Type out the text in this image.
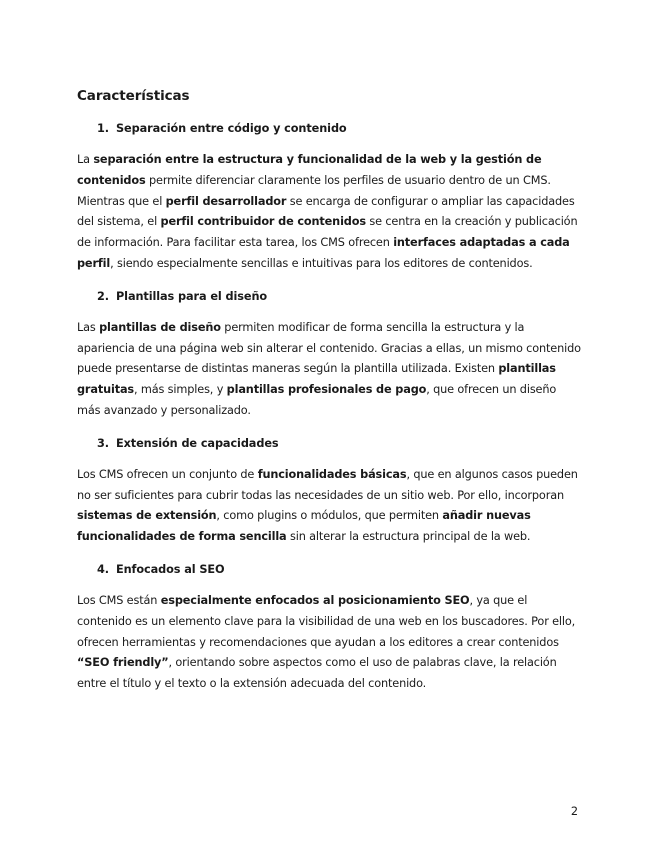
Características
1. Separación entre código y contenido

La separación entre la estructura y funcionalidad de la web y la gestión de contenidos permite diferenciar claramente los perfiles de usuario dentro de un CMS. Mientras que el perfil desarrollador se encarga de configurar o ampliar las capacidades del sistema, el perfil contribuidor de contenidos se centra en la creación y publicación de información. Para facilitar esta tarea, los CMS ofrecen interfaces adaptadas a cada perfil, siendo especialmente sencillas e intuitivas para los editores de contenidos.

2. Plantillas para el diseño

Las plantillas de diseño permiten modificar de forma sencilla la estructura y la apariencia de una página web sin alterar el contenido. Gracias a ellas, un mismo contenido puede presentarse de distintas maneras según la plantilla utilizada. Existen plantillas gratuitas, más simples, y plantillas profesionales de pago, que ofrecen un diseño más avanzado y personalizado.

3. Extensión de capacidades

Los CMS ofrecen un conjunto de funcionalidades básicas, que en algunos casos pueden no ser suficientes para cubrir todas las necesidades de un sitio web. Por ello, incorporan sistemas de extensión, como plugins o módulos, que permiten añadir nuevas funcionalidades de forma sencilla sin alterar la estructura principal de la web.

4. Enfocados al SEO

Los CMS están especialmente enfocados al posicionamiento SEO, ya que el contenido es un elemento clave para la visibilidad de una web en los buscadores. Por ello, ofrecen herramientas y recomendaciones que ayudan a los editores a crear contenidos “SEO friendly”, orientando sobre aspectos como el uso de palabras clave, la relación entre el título y el texto o la extensión adecuada del contenido.

2
